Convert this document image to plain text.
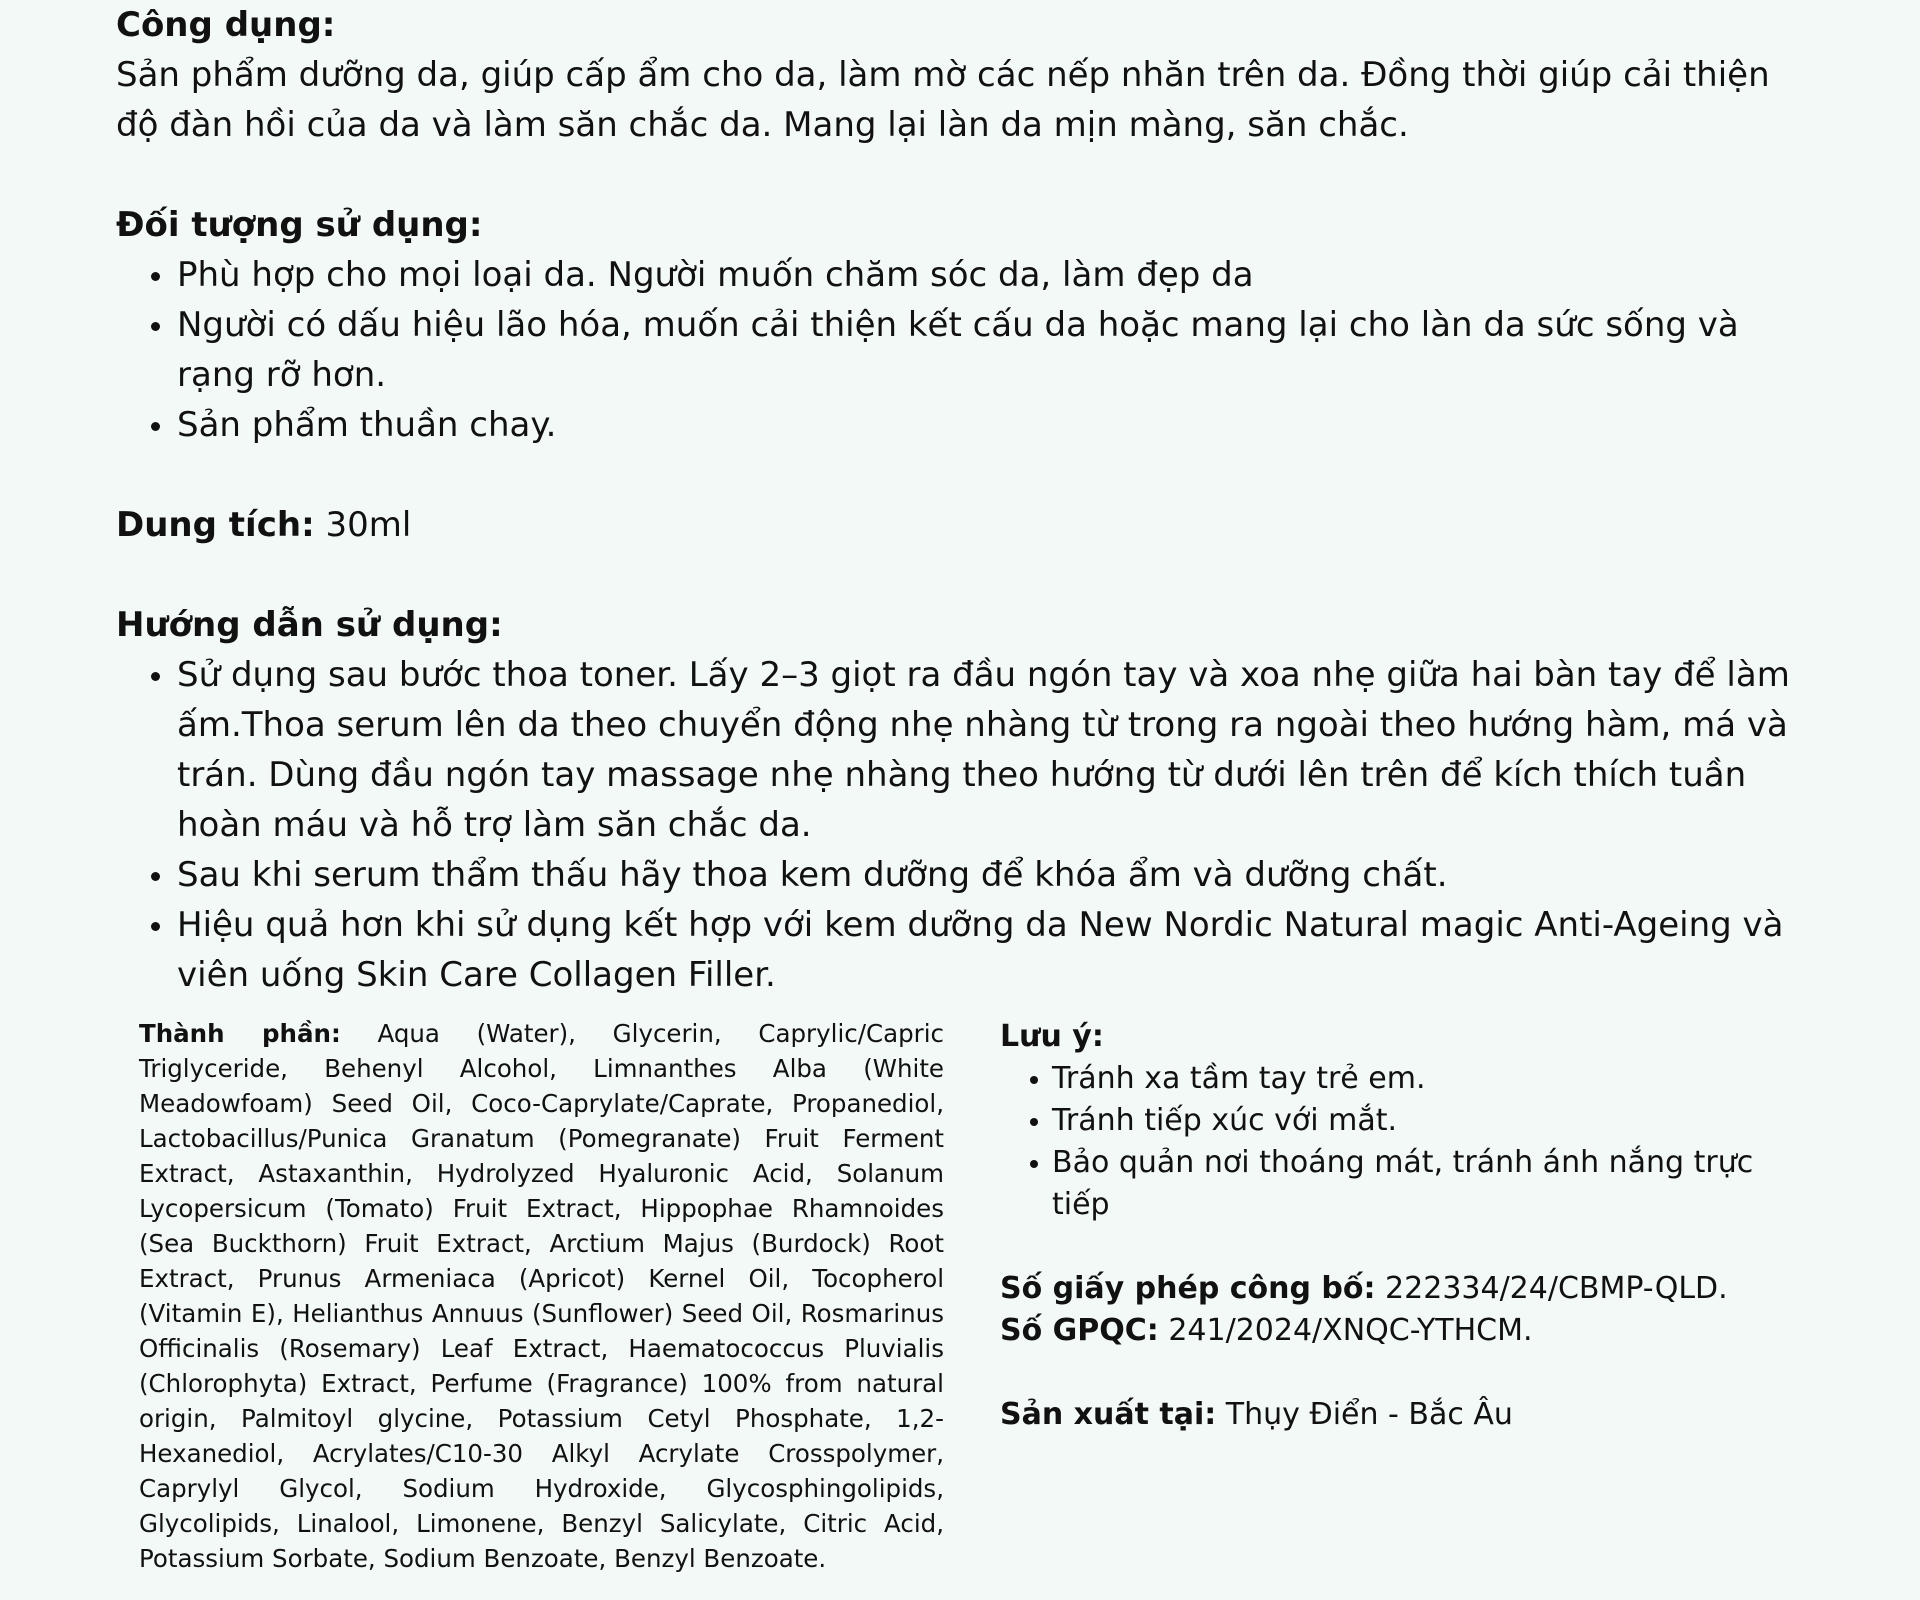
Công dụng:

Sản phẩm dưỡng da, giúp cấp ẩm cho da, làm mờ các nếp nhăn trên da. Đồng thời giúp cải thiện độ đàn hồi của da và làm săn chắc da. Mang lại làn da mịn màng, săn chắc.

Đối tượng sử dụng:
Phù hợp cho mọi loại da. Người muốn chăm sóc da, làm đẹp da
Người có dấu hiệu lão hóa, muốn cải thiện kết cấu da hoặc mang lại cho làn da sức sống và rạng rỡ hơn.
Sản phẩm thuần chay.
Dung tích: 30ml
Hướng dẫn sử dụng:
Sử dụng sau bước thoa toner. Lấy 2–3 giọt ra đầu ngón tay và xoa nhẹ giữa hai bàn tay để làm ấm.Thoa serum lên da theo chuyển động nhẹ nhàng từ trong ra ngoài theo hướng hàm, má và trán. Dùng đầu ngón tay massage nhẹ nhàng theo hướng từ dưới lên trên để kích thích tuần hoàn máu và hỗ trợ làm săn chắc da.
Sau khi serum thẩm thấu hãy thoa kem dưỡng để khóa ẩm và dưỡng chất.
Hiệu quả hơn khi sử dụng kết hợp với kem dưỡng da New Nordic Natural magic Anti-Ageing và viên uống Skin Care Collagen Filler.
Thành phần: Aqua (Water), Glycerin, Caprylic/Capric Triglyceride, Behenyl Alcohol, Limnanthes Alba (White Meadowfoam) Seed Oil, Coco-Caprylate/Caprate, Propanediol, Lactobacillus/Punica Granatum (Pomegranate) Fruit Ferment Extract, Astaxanthin, Hydrolyzed Hyaluronic Acid, Solanum Lycopersicum (Tomato) Fruit Extract, Hippophae Rhamnoides (Sea Buckthorn) Fruit Extract, Arctium Majus (Burdock) Root Extract, Prunus Armeniaca (Apricot) Kernel Oil, Tocopherol (Vitamin E), Helianthus Annuus (Sunflower) Seed Oil, Rosmarinus Officinalis (Rosemary) Leaf Extract, Haematococcus Pluvialis (Chlorophyta) Extract, Perfume (Fragrance) 100% from natural origin, Palmitoyl glycine, Potassium Cetyl Phosphate, 1,2-Hexanediol, Acrylates/C10-30 Alkyl Acrylate Crosspolymer, Caprylyl Glycol, Sodium Hydroxide, Glycosphingolipids, Glycolipids, Linalool, Limonene, Benzyl Salicylate, Citric Acid, Potassium Sorbate, Sodium Benzoate, Benzyl Benzoate.
Lưu ý:
Tránh xa tầm tay trẻ em.
Tránh tiếp xúc với mắt.
Bảo quản nơi thoáng mát, tránh ánh nắng trực tiếp
Số giấy phép công bố: 222334/24/CBMP-QLD.
Số GPQC: 241/2024/XNQC-YTHCM.
Sản xuất tại: Thụy Điển - Bắc Âu
